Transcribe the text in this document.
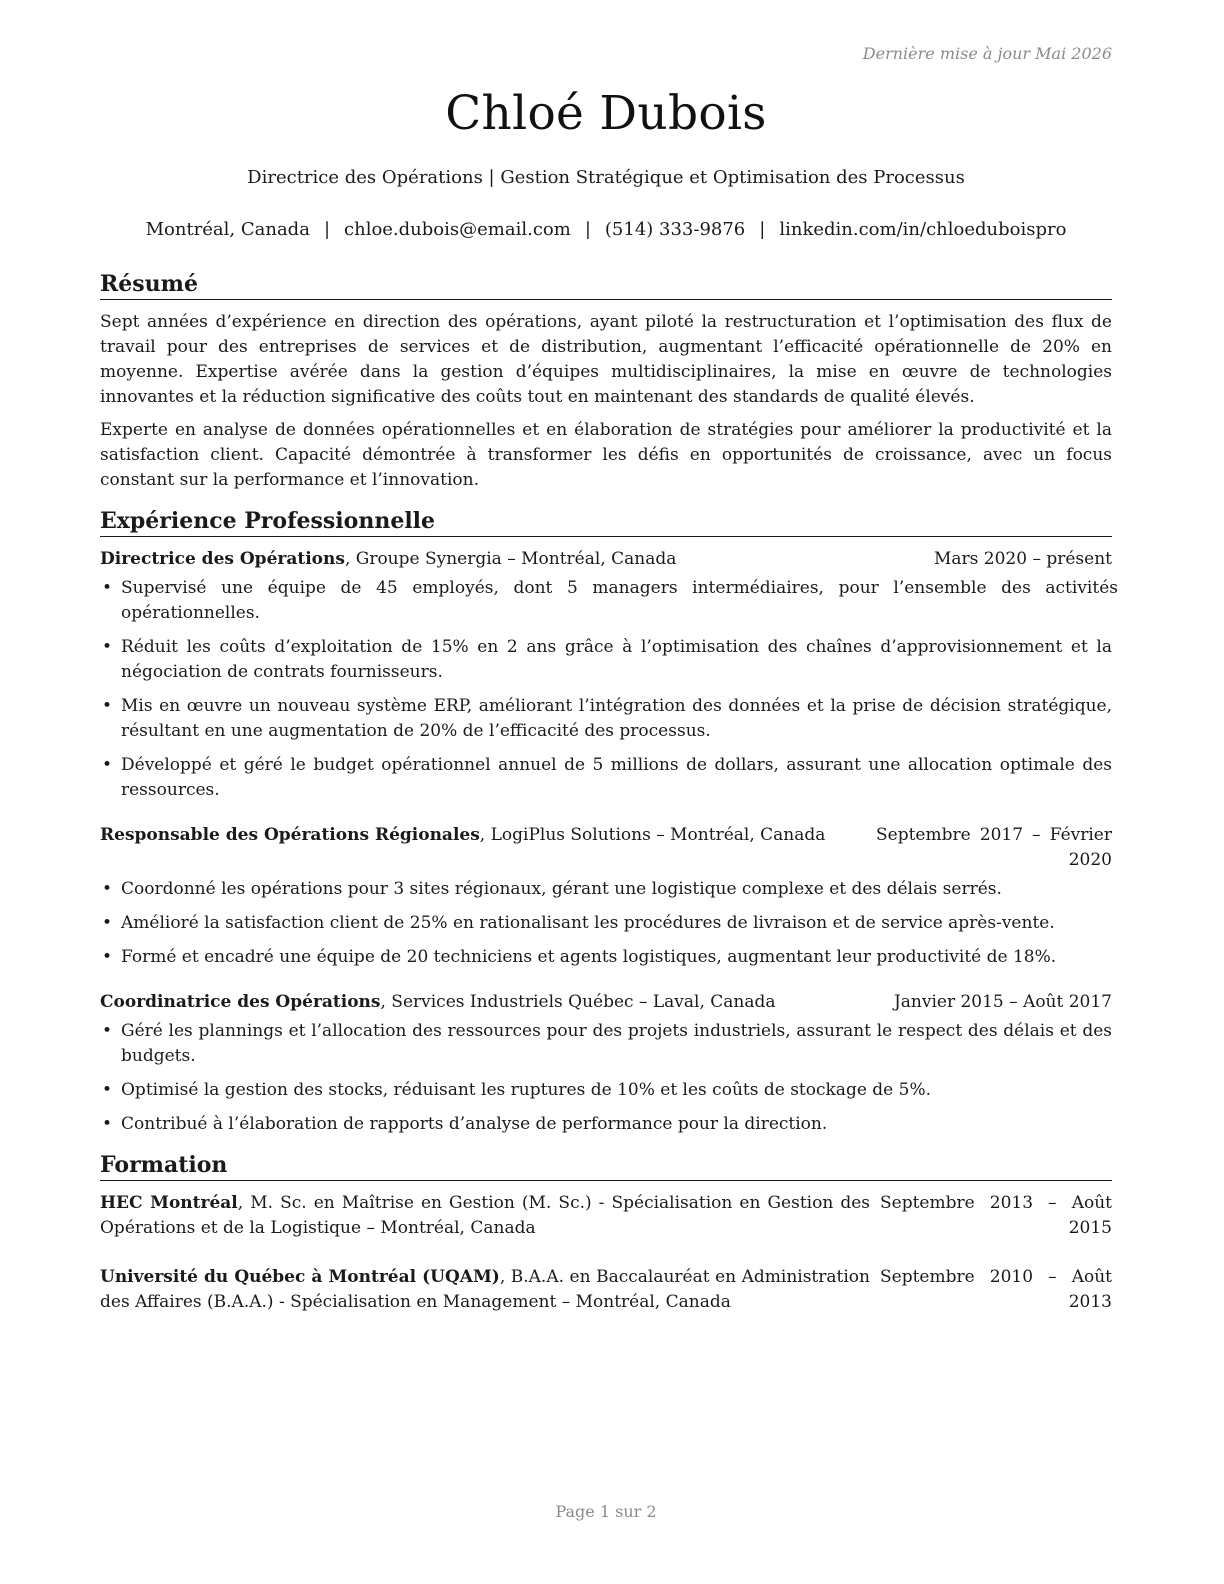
Dernière mise à jour Mai 2026
Chloé Dubois
Directrice des Opérations | Gestion Stratégique et Optimisation des Processus
Montréal, Canada | chloe.dubois@email.com | (514) 333-9876 | linkedin.com/in/chloeduboispro
Résumé

Sept années d’expérience en direction des opérations, ayant piloté la restructuration et l’optimisation des flux de travail pour des entreprises de services et de distribution, augmentant l’efficacité opérationnelle de 20% en moyenne. Expertise avérée dans la gestion d’équipes multidisciplinaires, la mise en œuvre de technologies innovantes et la réduction significative des coûts tout en maintenant des standards de qualité élevés.

Experte en analyse de données opérationnelles et en élaboration de stratégies pour améliorer la productivité et la satisfaction client. Capacité démontrée à transformer les défis en opportunités de croissance, avec un focus constant sur la performance et l’innovation.

Expérience Professionnelle
Directrice des Opérations, Groupe Synergia – Montréal, Canada	Mars 2020 – présent
• Supervisé une équipe de 45 employés, dont 5 managers intermédiaires, pour l’ensemble des activités opérationnelles.
• Réduit les coûts d’exploitation de 15% en 2 ans grâce à l’optimisation des chaînes d’approvisionnement et la négociation de contrats fournisseurs.
• Mis en œuvre un nouveau système ERP, améliorant l’intégration des données et la prise de décision stratégique, résultant en une augmentation de 20% de l’efficacité des processus.
• Développé et géré le budget opérationnel annuel de 5 millions de dollars, assurant une allocation optimale des ressources.
Responsable des Opérations Régionales, LogiPlus Solutions – Montréal, Canada	Septembre 2017 – Février 2020
• Coordonné les opérations pour 3 sites régionaux, gérant une logistique complexe et des délais serrés.
• Amélioré la satisfaction client de 25% en rationalisant les procédures de livraison et de service après-vente.
• Formé et encadré une équipe de 20 techniciens et agents logistiques, augmentant leur productivité de 18%.
Coordinatrice des Opérations, Services Industriels Québec – Laval, Canada	Janvier 2015 – Août 2017
• Géré les plannings et l’allocation des ressources pour des projets industriels, assurant le respect des délais et des budgets.
• Optimisé la gestion des stocks, réduisant les ruptures de 10% et les coûts de stockage de 5%.
• Contribué à l’élaboration de rapports d’analyse de performance pour la direction.
Formation
HEC Montréal, M. Sc. en Maîtrise en Gestion (M. Sc.) - Spécialisation en Gestion des Opérations et de la Logistique – Montréal, Canada
Septembre 2013 – Août 2015
Université du Québec à Montréal (UQAM), B.A.A. en Baccalauréat en Administration des Affaires (B.A.A.) - Spécialisation en Management – Montréal, Canada
Septembre 2010 – Août 2013
Page 1 sur 2
